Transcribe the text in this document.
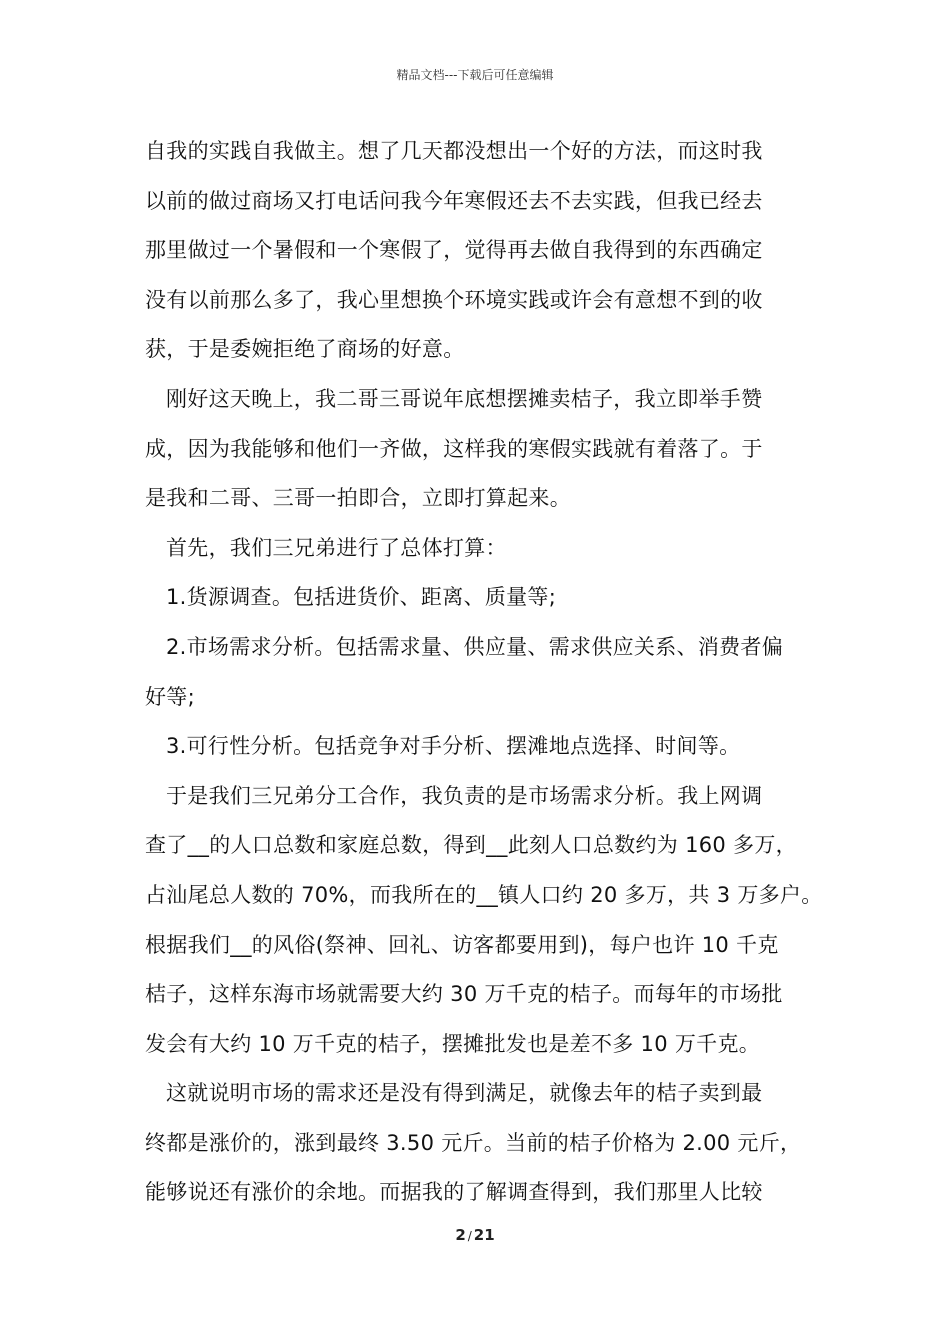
精品文档---下载后可任意编辑
自我的实践自我做主。想了几天都没想出一个好的方法，而这时我
以前的做过商场又打电话问我今年寒假还去不去实践，但我已经去
那里做过一个暑假和一个寒假了，觉得再去做自我得到的东西确定
没有以前那么多了，我心里想换个环境实践或许会有意想不到的收
获，于是委婉拒绝了商场的好意。
刚好这天晚上，我二哥三哥说年底想摆摊卖桔子，我立即举手赞
成，因为我能够和他们一齐做，这样我的寒假实践就有着落了。于
是我和二哥、三哥一拍即合，立即打算起来。
首先，我们三兄弟进行了总体打算：
1.货源调查。包括进货价、距离、质量等;
2.市场需求分析。包括需求量、供应量、需求供应关系、消费者偏
好等;
3.可行性分析。包括竞争对手分析、摆滩地点选择、时间等。
于是我们三兄弟分工合作，我负责的是市场需求分析。我上网调
查了__的人口总数和家庭总数，得到__此刻人口总数约为 160 多万，
占汕尾总人数的 70%，而我所在的__镇人口约 20 多万，共 3 万多户。
根据我们__的风俗(祭神、回礼、访客都要用到)，每户也许 10 千克
桔子，这样东海市场就需要大约 30 万千克的桔子。而每年的市场批
发会有大约 10 万千克的桔子，摆摊批发也是差不多 10 万千克。
这就说明市场的需求还是没有得到满足，就像去年的桔子卖到最
终都是涨价的，涨到最终 3.50 元斤。当前的桔子价格为 2.00 元斤，
能够说还有涨价的余地。而据我的了解调查得到，我们那里人比较
2 / 21
